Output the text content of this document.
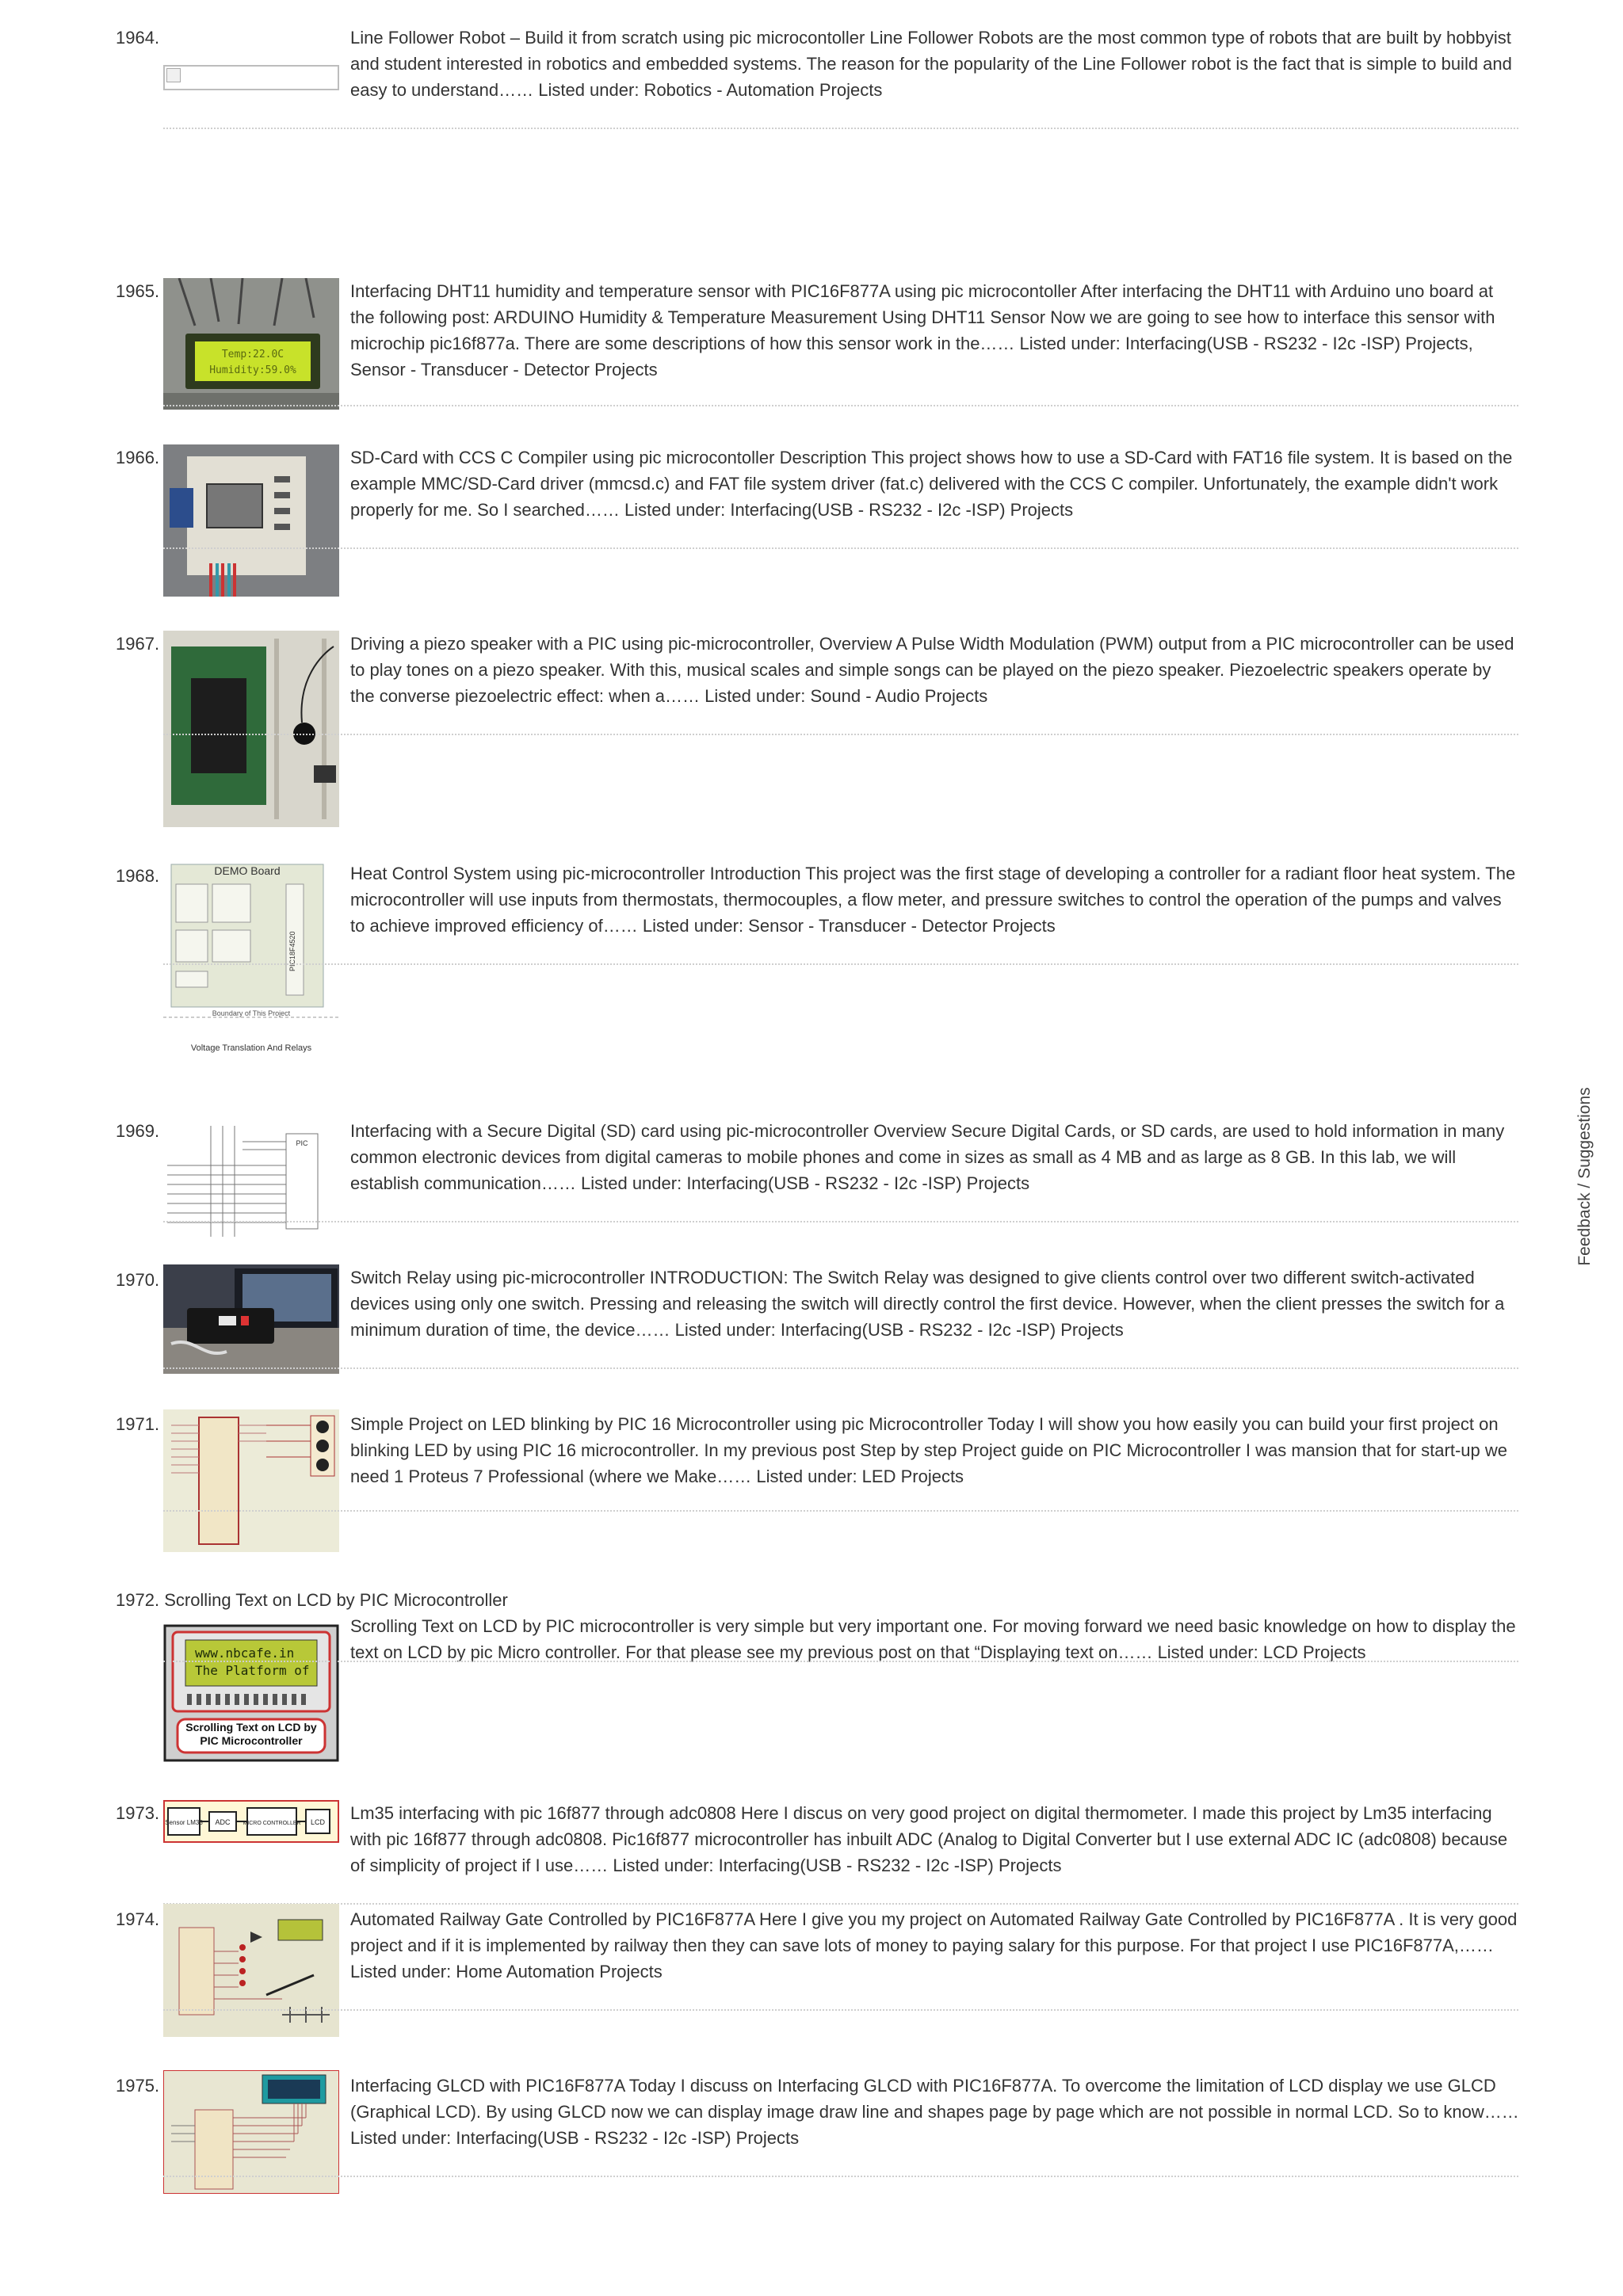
1964.	Line Follower Robot – Build it from scratch using pic microcontoller Line Follower Robots are the most common type of robots that are built by hobbyist and student interested in robotics and embedded systems. The reason for the popularity of the Line Follower robot is the fact that is simple to build and easy to understand…… Listed under: Robotics - Automation Projects

1965.
Temp:22.0C
Humidity:59.0%

Interfacing DHT11 humidity and temperature sensor with PIC16F877A using pic microcontoller After interfacing the DHT11 with Arduino uno board at the following post: ARDUINO Humidity & Temperature Measurement Using DHT11 Sensor Now we are going to see how to interface this sensor with microchip pic16f877a. There are some descriptions of how this sensor work in the…… Listed under: Interfacing(USB - RS232 - I2c -ISP) Projects, Sensor - Transducer - Detector Projects

1966.	SD-Card with CCS C Compiler using pic microcontoller Description This project shows how to use a SD-Card with FAT16 file system. It is based on the example MMC/SD-Card driver (mmcsd.c) and FAT file system driver (fat.c) delivered with the CCS C compiler. Unfortunately, the example didn't work properly for me. So I searched…… Listed under: Interfacing(USB - RS232 - I2c -ISP) Projects

1967.	Driving a piezo speaker with a PIC using pic-microcontroller, Overview A Pulse Width Modulation (PWM) output from a PIC microcontroller can be used to play tones on a piezo speaker. With this, musical scales and simple songs can be played on the piezo speaker. Piezoelectric speakers operate by the converse piezoelectric effect: when a…… Listed under: Sound - Audio Projects

1968.	DEMO Board
PIC18F4520
Boundary of This Project
Voltage Translation And Relays

Heat Control System using pic-microcontroller Introduction This project was the first stage of developing a controller for a radiant floor heat system. The microcontroller will use inputs from thermostats, thermocouples, a flow meter, and pressure switches to control the operation of the pumps and valves to achieve improved efficiency of…… Listed under: Sensor - Transducer - Detector Projects

1969.
PIC

Interfacing with a Secure Digital (SD) card using pic-microcontroller Overview Secure Digital Cards, or SD cards, are used to hold information in many common electronic devices from digital cameras to mobile phones and come in sizes as small as 4 MB and as large as 8 GB. In this lab, we will establish communication…… Listed under: Interfacing(USB - RS232 - I2c -ISP) Projects

1970.	Switch Relay using pic-microcontroller INTRODUCTION: The Switch Relay was designed to give clients control over two different switch-activated devices using only one switch. Pressing and releasing the switch will directly control the first device. However, when the client presses the switch for a minimum duration of time, the device…… Listed under: Interfacing(USB - RS232 - I2c -ISP) Projects

1971.	Simple Project on LED blinking by PIC 16 Microcontroller using pic Microcontroller Today I will show you how easily you can build your first project on blinking LED by using PIC 16 microcontroller. In my previous post Step by step Project guide on PIC Microcontroller I was mansion that for start-up we need 1 Proteus 7 Professional (where we Make…… Listed under: LED Projects

1972. Scrolling Text on LCD by PIC Microcontroller

Scrolling Text on LCD by PIC microcontroller is very simple but very important one. For moving forward we need basic knowledge on how to display the text on LCD by pic Micro controller. For that please see my previous post on that “Displaying text on…… Listed under: LCD Projects

www.nbcafe.in
The Platform of
Scrolling Text on LCD by PIC Microcontroller
1973. Sensor LM35 ADC MICRO CONTROLLER LCD Lm35 interfacing with pic 16f877 through adc0808 Here I discus on very good project on digital thermometer. I made this project by Lm35 interfacing with pic 16f877 through adc0808. Pic16f877 microcontroller has inbuilt ADC (Analog to Digital Converter but I use external ADC IC (adc0808) because of simplicity of project if I use…… Listed under: Interfacing(USB - RS232 - I2c -ISP) Projects

1974.	Automated Railway Gate Controlled by PIC16F877A Here I give you my project on Automated Railway Gate Controlled by PIC16F877A . It is very good project and if it is implemented by railway then they can save lots of money to paying salary for this purpose. For that project I use PIC16F877A,…… Listed under: Home Automation Projects

1975.	Interfacing GLCD with PIC16F877A Today I discuss on Interfacing GLCD with PIC16F877A. To overcome the limitation of LCD display we use GLCD (Graphical LCD). By using GLCD now we can display image draw line and shapes page by page which are not possible in normal LCD. So to know…… Listed under: Interfacing(USB - RS232 - I2c -ISP) Projects

Feedback / Suggestions
